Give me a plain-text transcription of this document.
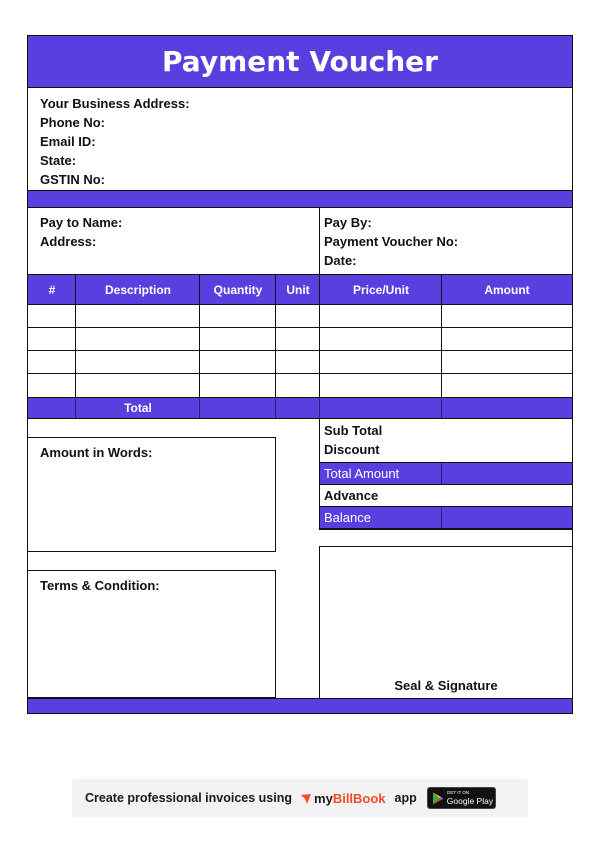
Payment Voucher
Your Business Address:
Phone No:
Email ID:
State:
GSTIN No:
Pay to Name:
Address:
Pay By:
Payment Voucher No:
Date:
#	Description	Quantity	Unit	Price/Unit	Amount
Total
Amount in Words:
Terms & Condition:
Sub Total
Discount
Total Amount
Advance
Balance
Seal & Signature
Create professional invoices using my BillBook app	GET IT ON
Google Play
